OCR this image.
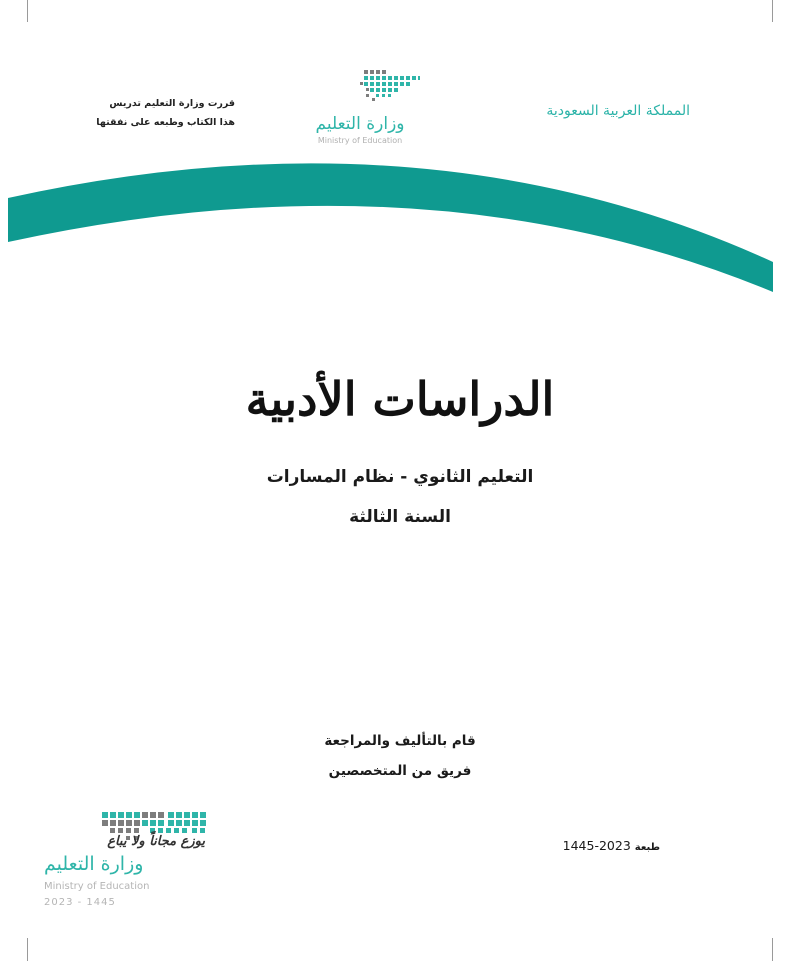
المملكة العربية السعودية
وزارة التعليم
Ministry of Education
قررت وزارة التعليم تدريس
هذا الكتاب وطبعه على نفقتها
الدراسات الأدبية
التعليم الثانوي - نظام المسارات
السنة الثالثة
قام بالتأليف والمراجعة
فريق من المتخصصين
1445-2023 طبعة
يوزع مجاناً ولا يباع
وزارة التعليم
Ministry of Education
2023 - 1445
